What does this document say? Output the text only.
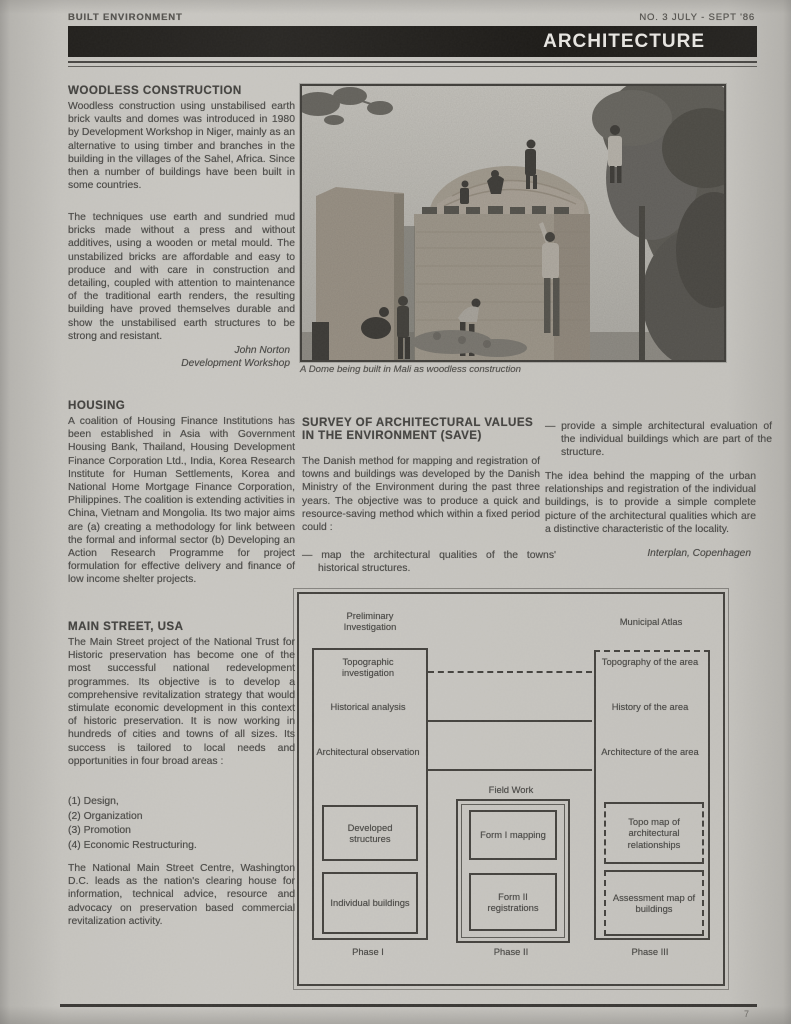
BUILT ENVIRONMENT	NO. 3 JULY - SEPT '86
ARCHITECTURE
WOODLESS CONSTRUCTION
Woodless construction using unstabilised earth brick vaults and domes was introduced in 1980 by Development Workshop in Niger, mainly as an alternative to using timber and branches in the building in the villages of the Sahel, Africa. Since then a number of buildings have been built in some countries.
The techniques use earth and sundried mud bricks made without a press and without additives, using a wooden or metal mould. The unstabilized bricks are affordable and easy to produce and with care in construction and detailing, coupled with attention to maintenance of the traditional earth renders, the resulting building have proved themselves durable and show the unstabilised earth structures to be strong and resistant.
John Norton
Development Workshop
HOUSING
A coalition of Housing Finance Institutions has been established in Asia with Government Housing Bank, Thailand, Housing Development Finance Corporation Ltd., India, Korea Research Institute for Human Settlements, Korea and National Home Mortgage Finance Corporation, Philippines. The coalition is extending activities in China, Vietnam and Mongolia. Its two major aims are (a) creating a methodology for link between the formal and informal sector (b) Developing an Action Research Programme for project formulation for effective delivery and finance of low income shelter projects.
MAIN STREET, USA
The Main Street project of the National Trust for Historic preservation has become one of the most successful national redevelopment programmes. Its objective is to develop a comprehensive revitalization strategy that would stimulate economic development in this context of historic preservation. It is now working in hundreds of cities and towns of all sizes. Its success is tailored to local needs and opportunities in four broad areas :
(1) Design,
(2) Organization
(3) Promotion
(4) Economic Restructuring.
The National Main Street Centre, Washington D.C. leads as the nation's clearing house for information, technical advice, resource and advocacy on preservation based commercial revitalization activity.
A Dome being built in Mali as woodless construction
SURVEY OF ARCHITECTURAL VALUES IN THE ENVIRONMENT (SAVE)
The Danish method for mapping and registration of towns and buildings was developed by the Danish Ministry of the Environment during the past three years. The objective was to produce a quick and resource-saving method which within a fixed period could :
— map the architectural qualities of the towns' historical structures.
— provide a simple architectural evaluation of the individual buildings which are part of the structure.
The idea behind the mapping of the urban relationships and registration of the individual buildings, is to provide a simple complete picture of the architectural qualities which are a distinctive characteristic of the locality.
Interplan, Copenhagen
Preliminary Investigation	Municipal Atlas
Topographic investigation
Historical analysis
Architectural observation
Topography of the area
History of the area
Architecture of the area
Field Work
Form I mapping
Form II registrations
Developed structures
Individual buildings
Topo map of architectural relationships
Assessment map of buildings
Phase I	Phase II	Phase III
7
